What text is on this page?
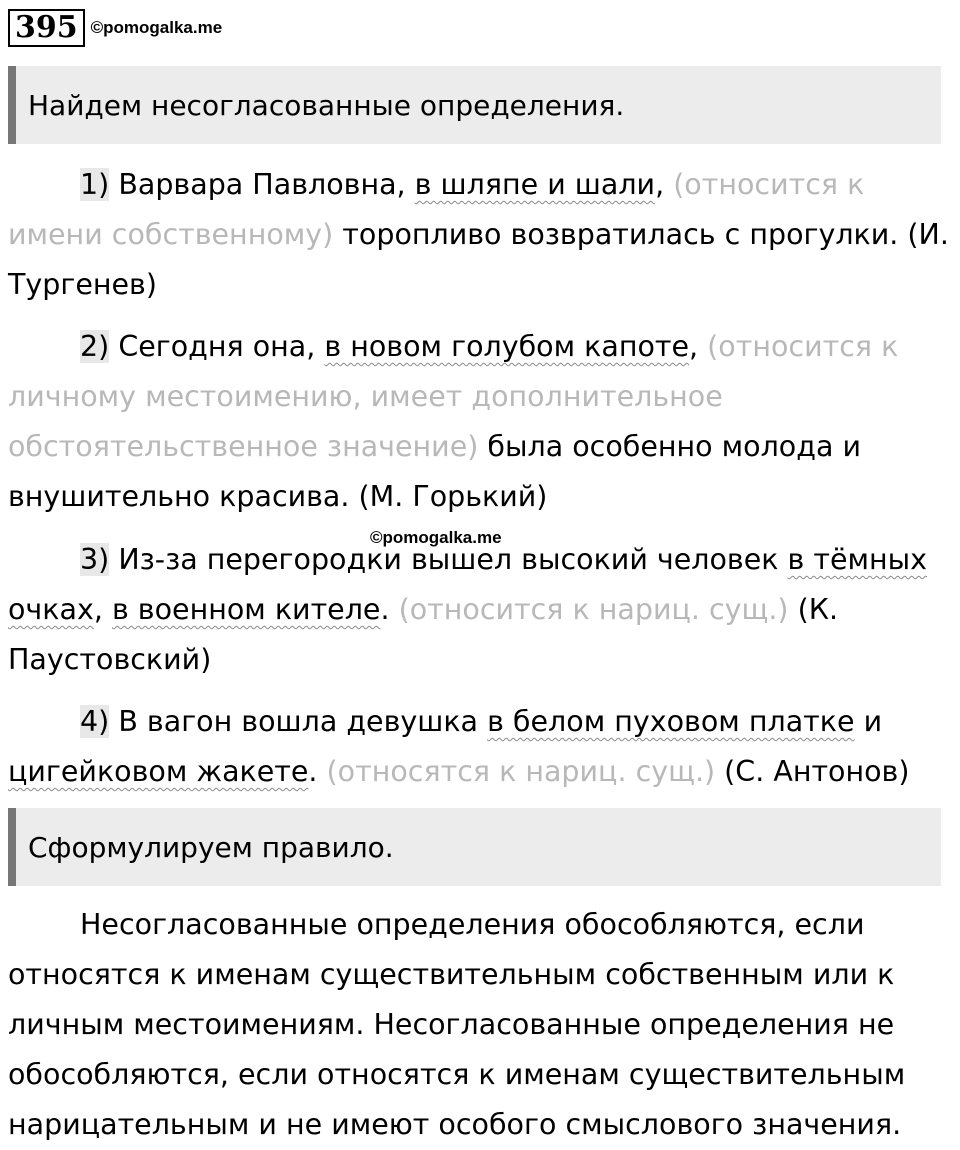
395 ©pomogalka.me
Найдем несогласованные определения.
1) Варвара Павловна, в шляпе и шали, (относится к имени собственному) торопливо возвратилась с прогулки. (И. Тургенев)
2) Сегодня она, в новом голубом капоте, (относится к личному местоимению, имеет дополнительное обстоятельственное значение) была особенно молода и внушительно красива. (М. Горький)
©pomogalka.me
3) Из-за перегородки вышел высокий человек в тёмных очках, в военном кителе. (относится к нариц. сущ.) (К. Паустовский)
4) В вагон вошла девушка в белом пуховом платке и цигейковом жакете. (относятся к нариц. сущ.) (С. Антонов)
Сформулируем правило.
Несогласованные определения обособляются, если относятся к именам существительным собственным или к личным местоимениям. Несогласованные определения не обособляются, если относятся к именам существительным нарицательным и не имеют особого смыслового значения.
